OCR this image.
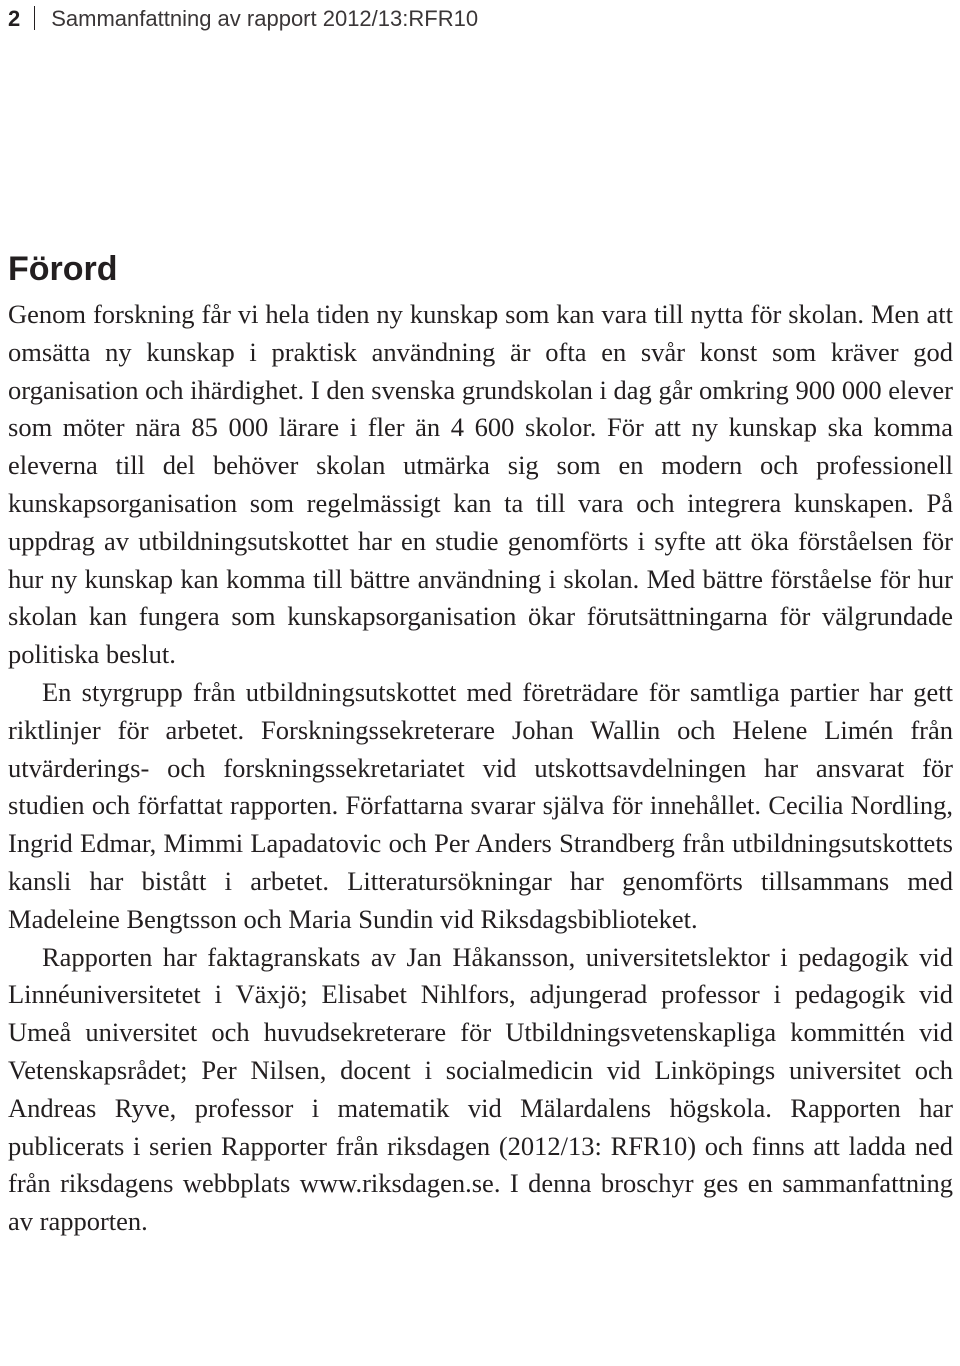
2 Sammanfattning av rapport 2012/13:RFR10
Förord

Genom forskning får vi hela tiden ny kunskap som kan vara till nytta för skolan. Men att omsätta ny kunskap i praktisk användning är ofta en svår konst som kräver god organisation och ihärdighet. I den svenska grundskolan i dag går omkring 900 000 elever som möter nära 85 000 lärare i fler än 4 600 skolor. För att ny kunskap ska komma eleverna till del behöver skolan utmärka sig som en modern och professionell kunskapsorganisation som regelmässigt kan ta till vara och integrera kunskapen. På uppdrag av utbildningsutskottet har en studie genomförts i syfte att öka förståelsen för hur ny kunskap kan komma till bättre användning i skolan. Med bättre förståelse för hur skolan kan fungera som kunskapsorganisation ökar förutsättningarna för välgrundade politiska beslut.

En styrgrupp från utbildningsutskottet med företrädare för samtliga partier har gett riktlinjer för arbetet. Forskningssekreterare Johan Wallin och Helene Limén från utvärderings- och forskningssekretariatet vid utskottsavdelningen har ansvarat för studien och författat rapporten. Författarna svarar själva för innehållet. Cecilia Nordling, Ingrid Edmar, Mimmi Lapadatovic och Per Anders Strandberg från utbildningsutskottets kansli har bistått i arbetet. Litteratursökningar har genomförts tillsammans med Madeleine Bengtsson och Maria Sundin vid Riksdagsbiblioteket.

Rapporten har faktagranskats av Jan Håkansson, universitetslektor i pedagogik vid Linnéuniversitetet i Växjö; Elisabet Nihlfors, adjungerad professor i pedagogik vid Umeå universitet och huvudsekreterare för Utbildningsvetenskapliga kommittén vid Vetenskapsrådet; Per Nilsen, docent i socialmedicin vid Linköpings universitet och Andreas Ryve, professor i matematik vid Mälardalens högskola. Rapporten har publicerats i serien Rapporter från riksdagen (2012/13: RFR10) och finns att ladda ned från riksdagens webbplats www.riksdagen.se. I denna broschyr ges en sammanfattning av rapporten.
